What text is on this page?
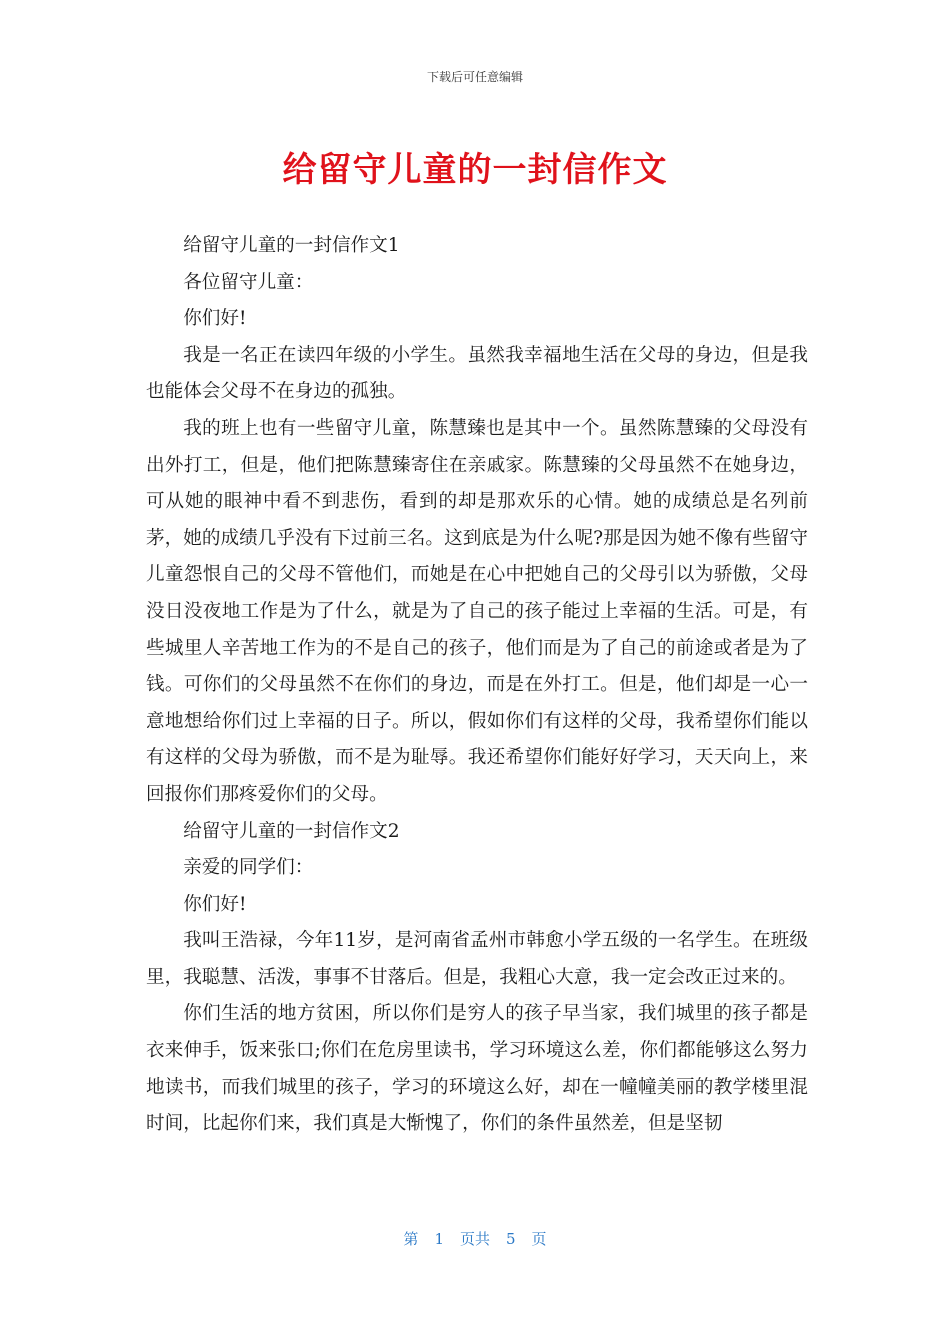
下载后可任意编辑
给留守儿童的一封信作文

给留守儿童的一封信作文1

各位留守儿童：

你们好!

我是一名正在读四年级的小学生。虽然我幸福地生活在父母的身边，但是我也能体会父母不在身边的孤独。

我的班上也有一些留守儿童，陈慧臻也是其中一个。虽然陈慧臻的父母没有出外打工，但是，他们把陈慧臻寄住在亲戚家。陈慧臻的父母虽然不在她身边，可从她的眼神中看不到悲伤，看到的却是那欢乐的心情。她的成绩总是名列前茅，她的成绩几乎没有下过前三名。这到底是为什么呢?那是因为她不像有些留守儿童怨恨自己的父母不管他们，而她是在心中把她自己的父母引以为骄傲，父母没日没夜地工作是为了什么，就是为了自己的孩子能过上幸福的生活。可是，有些城里人辛苦地工作为的不是自己的孩子，他们而是为了自己的前途或者是为了钱。可你们的父母虽然不在你们的身边，而是在外打工。但是，他们却是一心一意地想给你们过上幸福的日子。所以，假如你们有这样的父母，我希望你们能以有这样的父母为骄傲，而不是为耻辱。我还希望你们能好好学习，天天向上，来回报你们那疼爱你们的父母。

给留守儿童的一封信作文2

亲爱的同学们：

你们好!

我叫王浩禄，今年11岁，是河南省孟州市韩愈小学五级的一名学生。在班级里，我聪慧、活泼，事事不甘落后。但是，我粗心大意，我一定会改正过来的。

你们生活的地方贫困，所以你们是穷人的孩子早当家，我们城里的孩子都是衣来伸手，饭来张口;你们在危房里读书，学习环境这么差，你们都能够这么努力地读书，而我们城里的孩子，学习的环境这么好，却在一幢幢美丽的教学楼里混时间，比起你们来，我们真是大惭愧了，你们的条件虽然差，但是坚韧

第 1 页共 5 页
